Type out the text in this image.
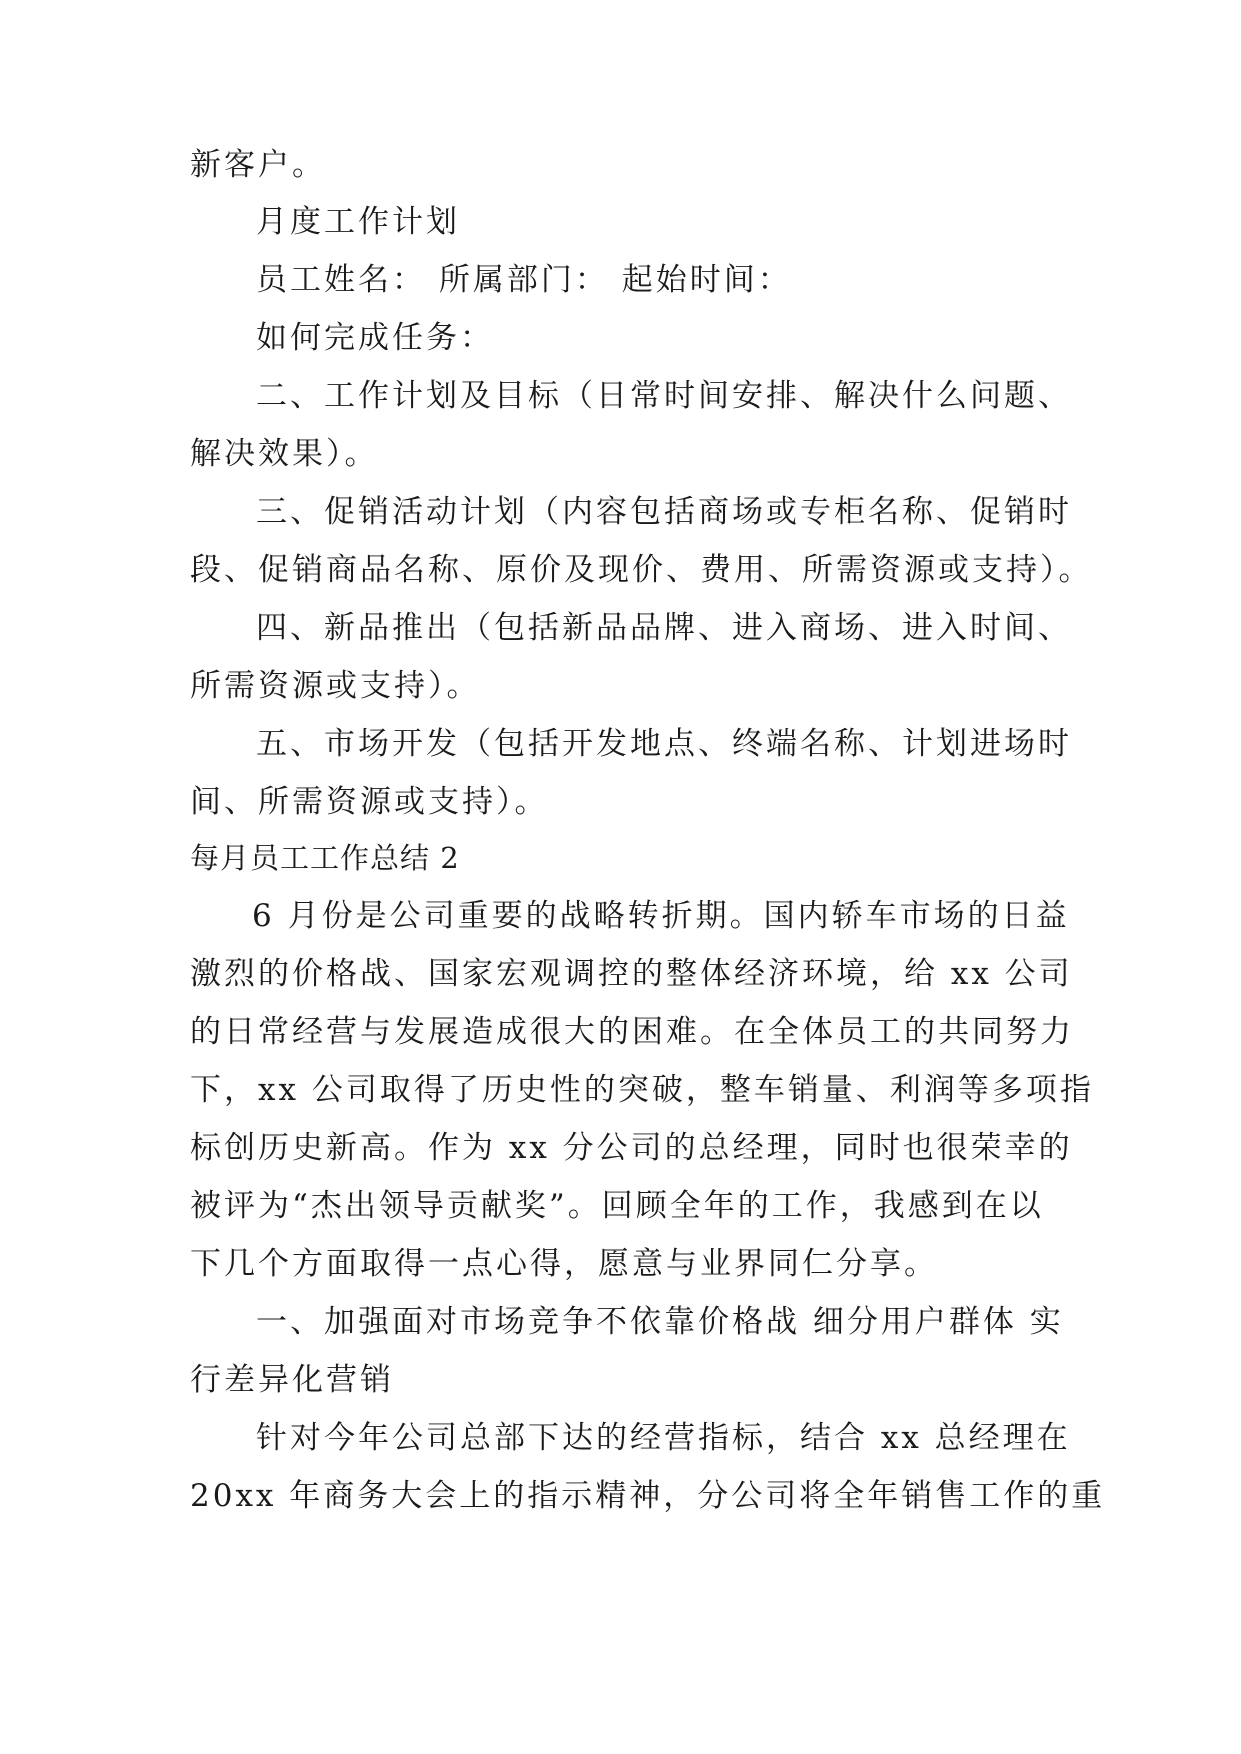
新客户。
月度工作计划
员工姓名： 所属部门： 起始时间：
如何完成任务：
二、工作计划及目标（日常时间安排、解决什么问题、
解决效果）。
三、促销活动计划（内容包括商场或专柜名称、促销时
段、促销商品名称、原价及现价、费用、所需资源或支持）。
四、新品推出（包括新品品牌、进入商场、进入时间、
所需资源或支持）。
五、市场开发（包括开发地点、终端名称、计划进场时
间、所需资源或支持）。
每月员工工作总结 2
6 月份是公司重要的战略转折期。国内轿车市场的日益
激烈的价格战、国家宏观调控的整体经济环境，给 xx 公司
的日常经营与发展造成很大的困难。在全体员工的共同努力
下，xx 公司取得了历史性的突破，整车销量、利润等多项指
标创历史新高。作为 xx 分公司的总经理，同时也很荣幸的
被评为“杰出领导贡献奖”。回顾全年的工作，我感到在以
下几个方面取得一点心得，愿意与业界同仁分享。
一、加强面对市场竞争不依靠价格战 细分用户群体 实
行差异化营销
针对今年公司总部下达的经营指标，结合 xx 总经理在
20xx 年商务大会上的指示精神，分公司将全年销售工作的重
